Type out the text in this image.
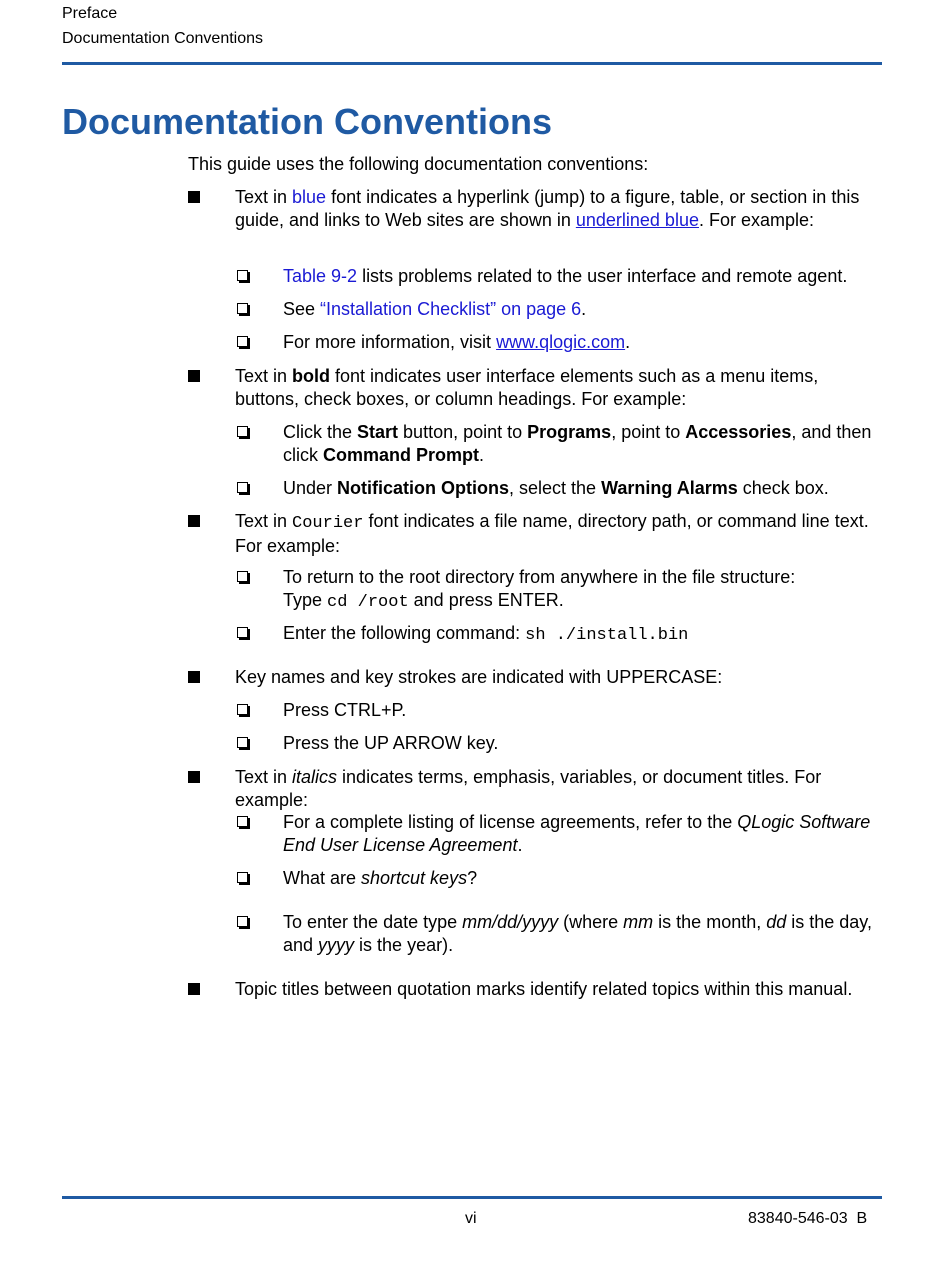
Preface
Documentation Conventions
Documentation Conventions
This guide uses the following documentation conventions:
Text in blue font indicates a hyperlink (jump) to a figure, table, or section in this guide, and links to Web sites are shown in underlined blue. For example:
Table 9-2 lists problems related to the user interface and remote agent.
See “Installation Checklist” on page 6.
For more information, visit www.qlogic.com.
Text in bold font indicates user interface elements such as a menu items, buttons, check boxes, or column headings. For example:
Click the Start button, point to Programs, point to Accessories, and then click Command Prompt.
Under Notification Options, select the Warning Alarms check box.
Text in Courier font indicates a file name, directory path, or command line text. For example:
To return to the root directory from anywhere in the file structure:
Type cd /root and press ENTER.
Enter the following command: sh ./install.bin
Key names and key strokes are indicated with UPPERCASE:
Press CTRL+P.
Press the UP ARROW key.
Text in italics indicates terms, emphasis, variables, or document titles. For example:
For a complete listing of license agreements, refer to the QLogic Software End User License Agreement.
What are shortcut keys?
To enter the date type mm/dd/yyyy (where mm is the month, dd is the day, and yyyy is the year).
Topic titles between quotation marks identify related topics within this manual.
vi	83840-546-03  B
